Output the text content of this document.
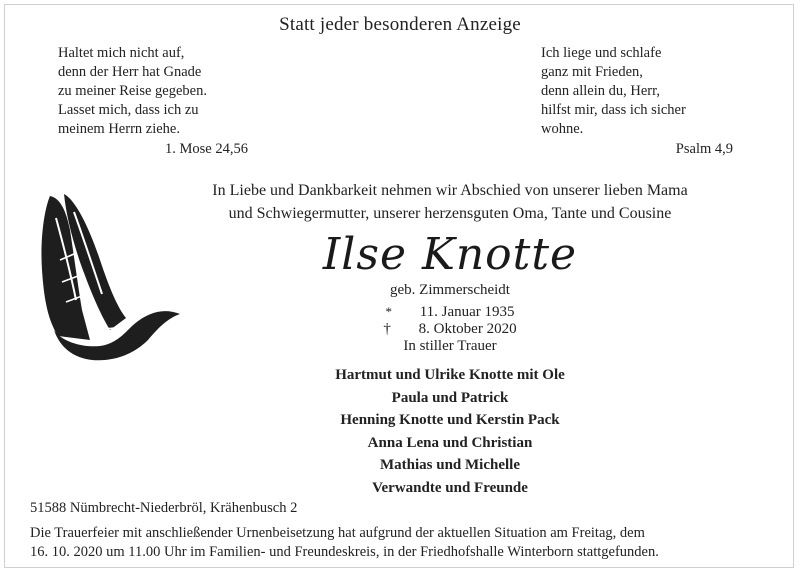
Statt jeder besonderen Anzeige
Haltet mich nicht auf,
denn der Herr hat Gnade
zu meiner Reise gegeben.
Lasset mich, dass ich zu
meinem Herrn ziehe.
1. Mose 24,56
Ich liege und schlafe
ganz mit Frieden,
denn allein du, Herr,
hilfst mir, dass ich sicher
wohne.
Psalm 4,9
In Liebe und Dankbarkeit nehmen wir Abschied von unserer lieben Mama
und Schwiegermutter, unserer herzensguten Oma, Tante und Cousine
Ilse Knotte
geb. Zimmerscheidt
* 11. Januar 1935 † 8. Oktober 2020
In stiller Trauer
Hartmut und Ulrike Knotte mit Ole
Paula und Patrick
Henning Knotte und Kerstin Pack
Anna Lena und Christian
Mathias und Michelle
Verwandte und Freunde
51588 Nümbrecht-Niederbröl, Krähenbusch 2
Die Trauerfeier mit anschließender Urnenbeisetzung hat aufgrund der aktuellen Situation am Freitag, dem
16. 10. 2020 um 11.00 Uhr im Familien- und Freundeskreis, in der Friedhofshalle Winterborn stattgefunden.
